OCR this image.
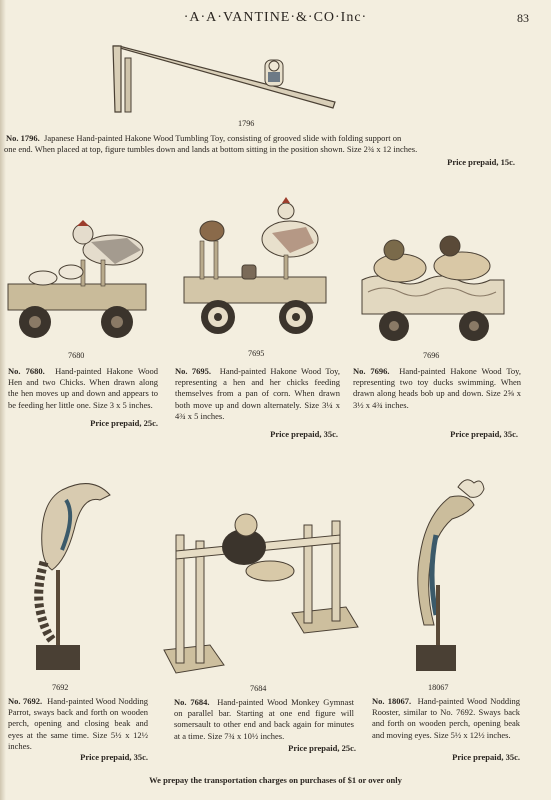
·A·A·VANTINE·&·CO·Inc·	83
1796
No. 1796. Japanese Hand-painted Hakone Wood Tumbling Toy, consisting of grooved slide with folding support on
one end. When placed at top, figure tumbles down and lands at bottom sitting in the position shown. Size 2¾ x 12 inches.
Price prepaid, 15c.
7680
No. 7680. Hand-painted Hakone Wood Hen and two Chicks. When drawn along the hen moves up and down and appears to be feeding her little one. Size 3 x 5 inches.
Price prepaid, 25c.
7695
No. 7695. Hand-painted Hakone Wood Toy, representing a hen and her chicks feeding themselves from a pan of corn. When drawn both move up and down alternately. Size 3¼ x 4¾ x 5 inches.
Price prepaid, 35c.
7696
No. 7696. Hand-painted Hakone Wood Toy, representing two toy ducks swimming. When drawn along heads bob up and down. Size 2⅝ x 3½ x 4¾ inches.
Price prepaid, 35c.
7692
No. 7692. Hand-painted Wood Nodding Parrot, sways back and forth on wooden perch, opening and closing beak and eyes at the same time. Size 5½ x 12½ inches.
Price prepaid, 35c.
7684
No. 7684. Hand-painted Wood Monkey Gymnast on parallel bar. Starting at one end figure will somersault to other end and back again for minutes at a time. Size 7¾ x 10½ inches.
Price prepaid, 25c.
18067
No. 18067. Hand-painted Wood Nodding Rooster, similar to No. 7692. Sways back and forth on wooden perch, opening beak and moving eyes. Size 5½ x 12½ inches.
Price prepaid, 35c.
We prepay the transportation charges on purchases of $1 or over only
